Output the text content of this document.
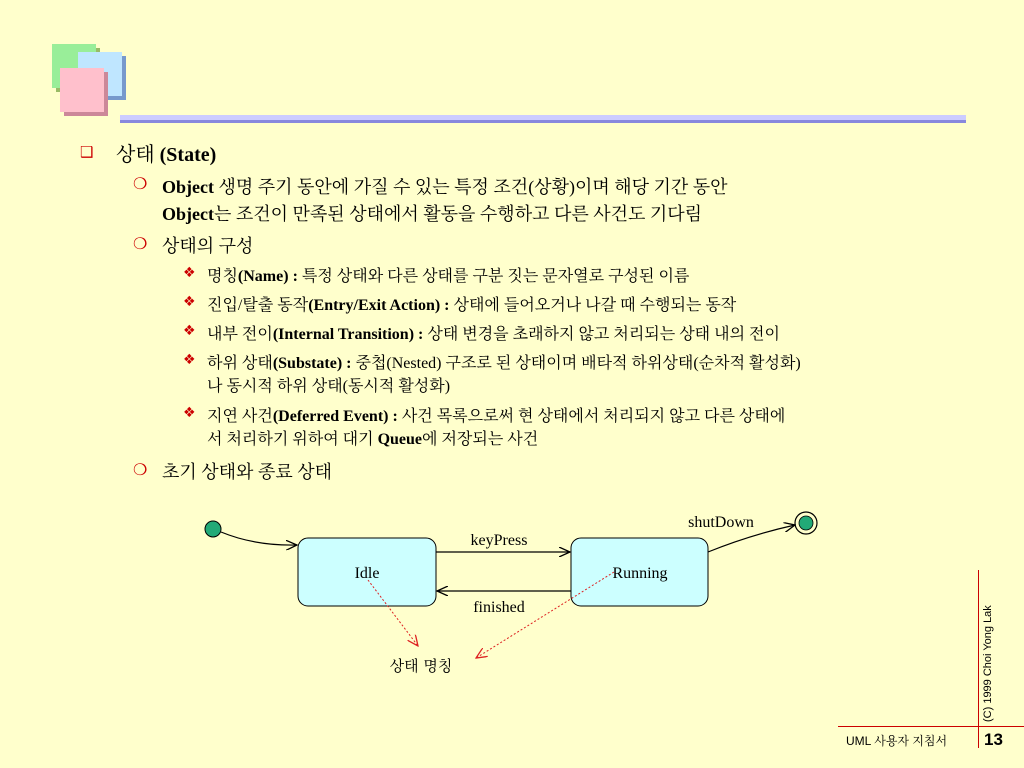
❑ 상태 (State)
❍ Object 생명 주기 동안에 가질 수 있는 특정 조건(상황)이며 해당 기간 동안
Object는 조건이 만족된 상태에서 활동을 수행하고 다른 사건도 기다림
❍ 상태의 구성
❖ 명칭(Name) : 특정 상태와 다른 상태를 구분 짓는 문자열로 구성된 이름
❖ 진입/탈출 동작(Entry/Exit Action) : 상태에 들어오거나 나갈 때 수행되는 동작
❖ 내부 전이(Internal Transition) : 상태 변경을 초래하지 않고 처리되는 상태 내의 전이
❖ 하위 상태(Substate) : 중첩(Nested) 구조로 된 상태이며 배타적 하위상태(순차적 활성화)
나 동시적 하위 상태(동시적 활성화)
❖ 지연 사건(Deferred Event) : 사건 목록으로써 현 상태에서 처리되지 않고 다른 상태에
서 처리하기 위하여 대기 Queue에 저장되는 사건
❍ 초기 상태와 종료 상태
Idle	Running
keyPress
finished
shutDown
상태 명칭	(C) 1999 Choi Yong Lak
UML 사용자 지침서 13
